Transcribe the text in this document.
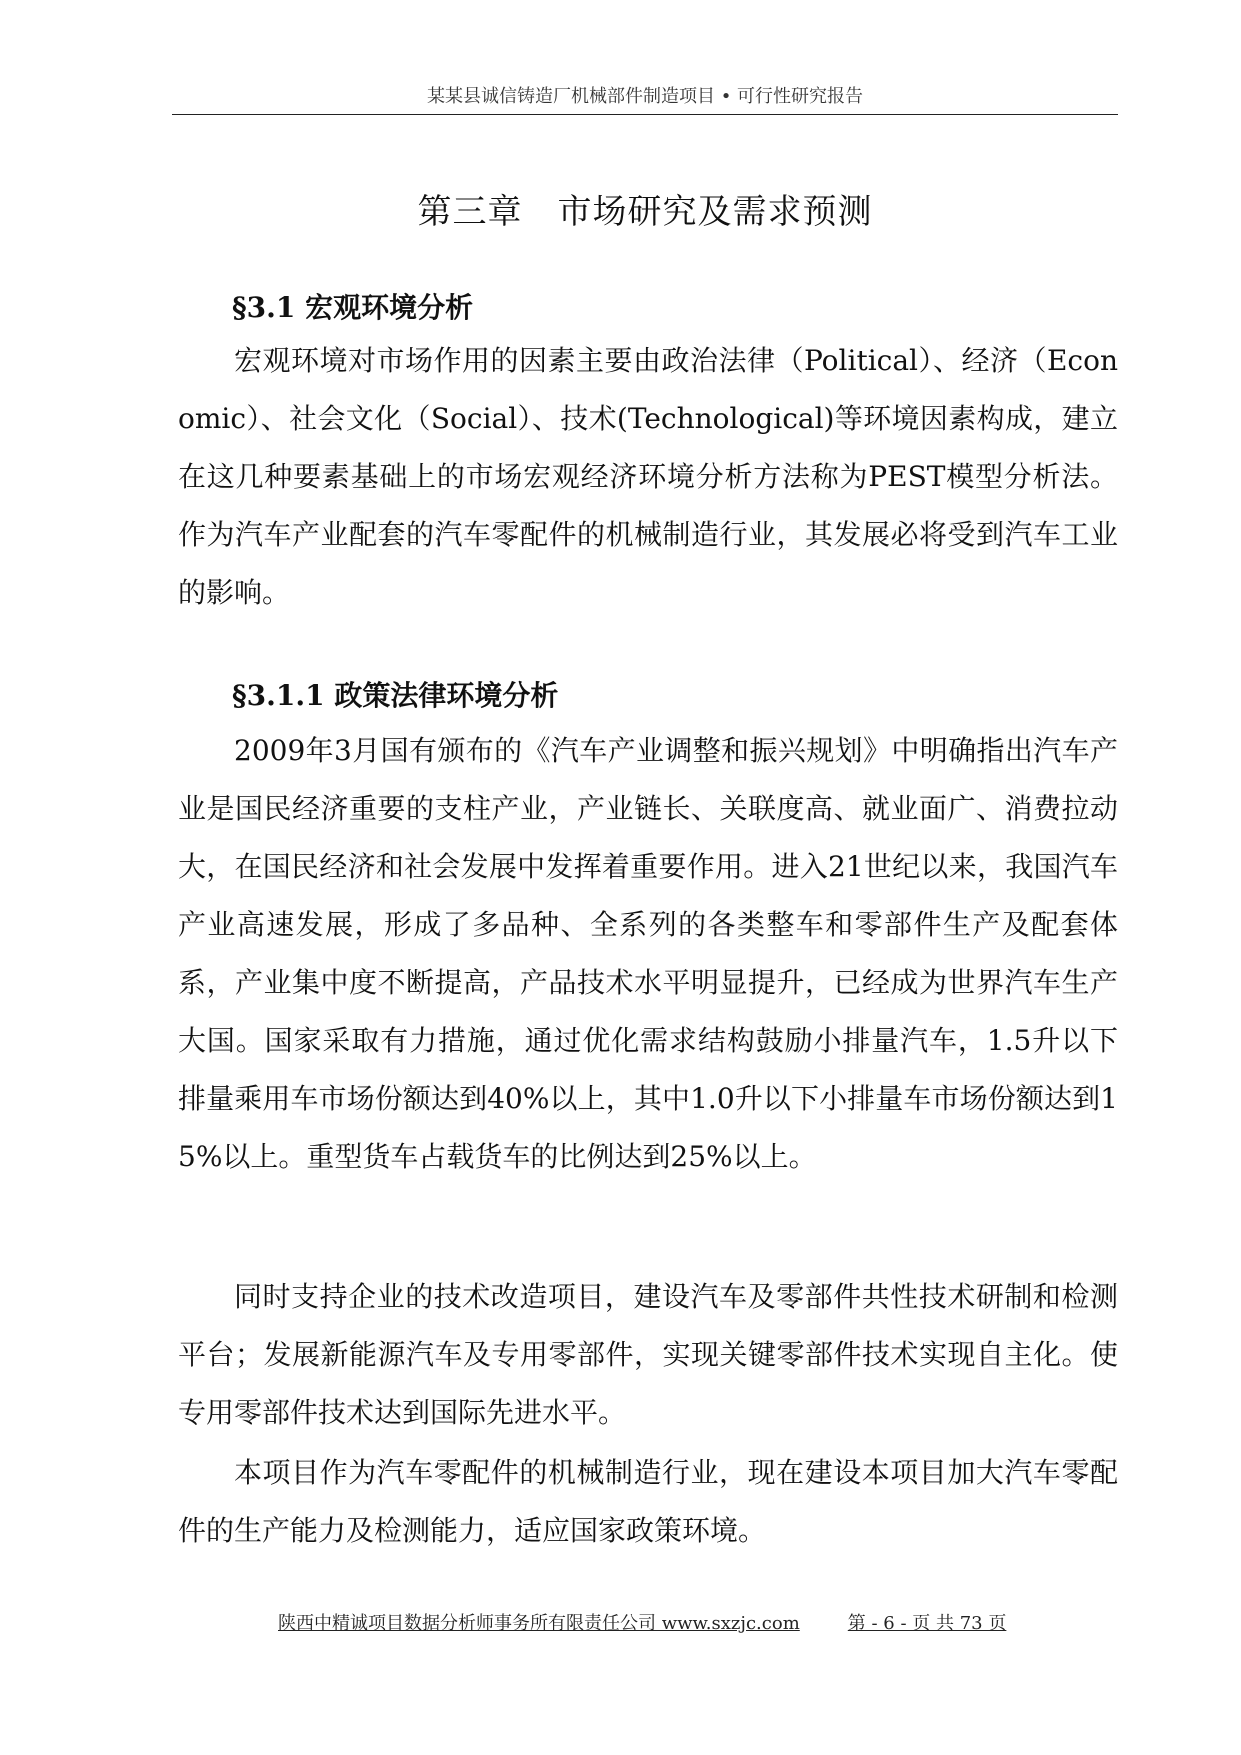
某某县诚信铸造厂机械部件制造项目 • 可行性研究报告
第三章　市场研究及需求预测
§3.1 宏观环境分析
宏观环境对市场作用的因素主要由政治法律（Political）、经济（Economic）、社会文化（Social）、技术(Technological)等环境因素构成，建立在这几种要素基础上的市场宏观经济环境分析方法称为PEST模型分析法。作为汽车产业配套的汽车零配件的机械制造行业，其发展必将受到汽车工业的影响。
§3.1.1 政策法律环境分析
2009年3月国有颁布的《汽车产业调整和振兴规划》中明确指出汽车产业是国民经济重要的支柱产业，产业链长、关联度高、就业面广、消费拉动大，在国民经济和社会发展中发挥着重要作用。进入21世纪以来，我国汽车产业高速发展，形成了多品种、全系列的各类整车和零部件生产及配套体系，产业集中度不断提高，产品技术水平明显提升，已经成为世界汽车生产大国。国家采取有力措施，通过优化需求结构鼓励小排量汽车，1.5升以下排量乘用车市场份额达到40%以上，其中1.0升以下小排量车市场份额达到15%以上。重型货车占载货车的比例达到25%以上。
同时支持企业的技术改造项目，建设汽车及零部件共性技术研制和检测平台；发展新能源汽车及专用零部件，实现关键零部件技术实现自主化。使专用零部件技术达到国际先进水平。
本项目作为汽车零配件的机械制造行业，现在建设本项目加大汽车零配件的生产能力及检测能力，适应国家政策环境。
陕西中精诚项目数据分析师事务所有限责任公司 www.sxzjc.com	第 - 6 - 页 共 73 页
